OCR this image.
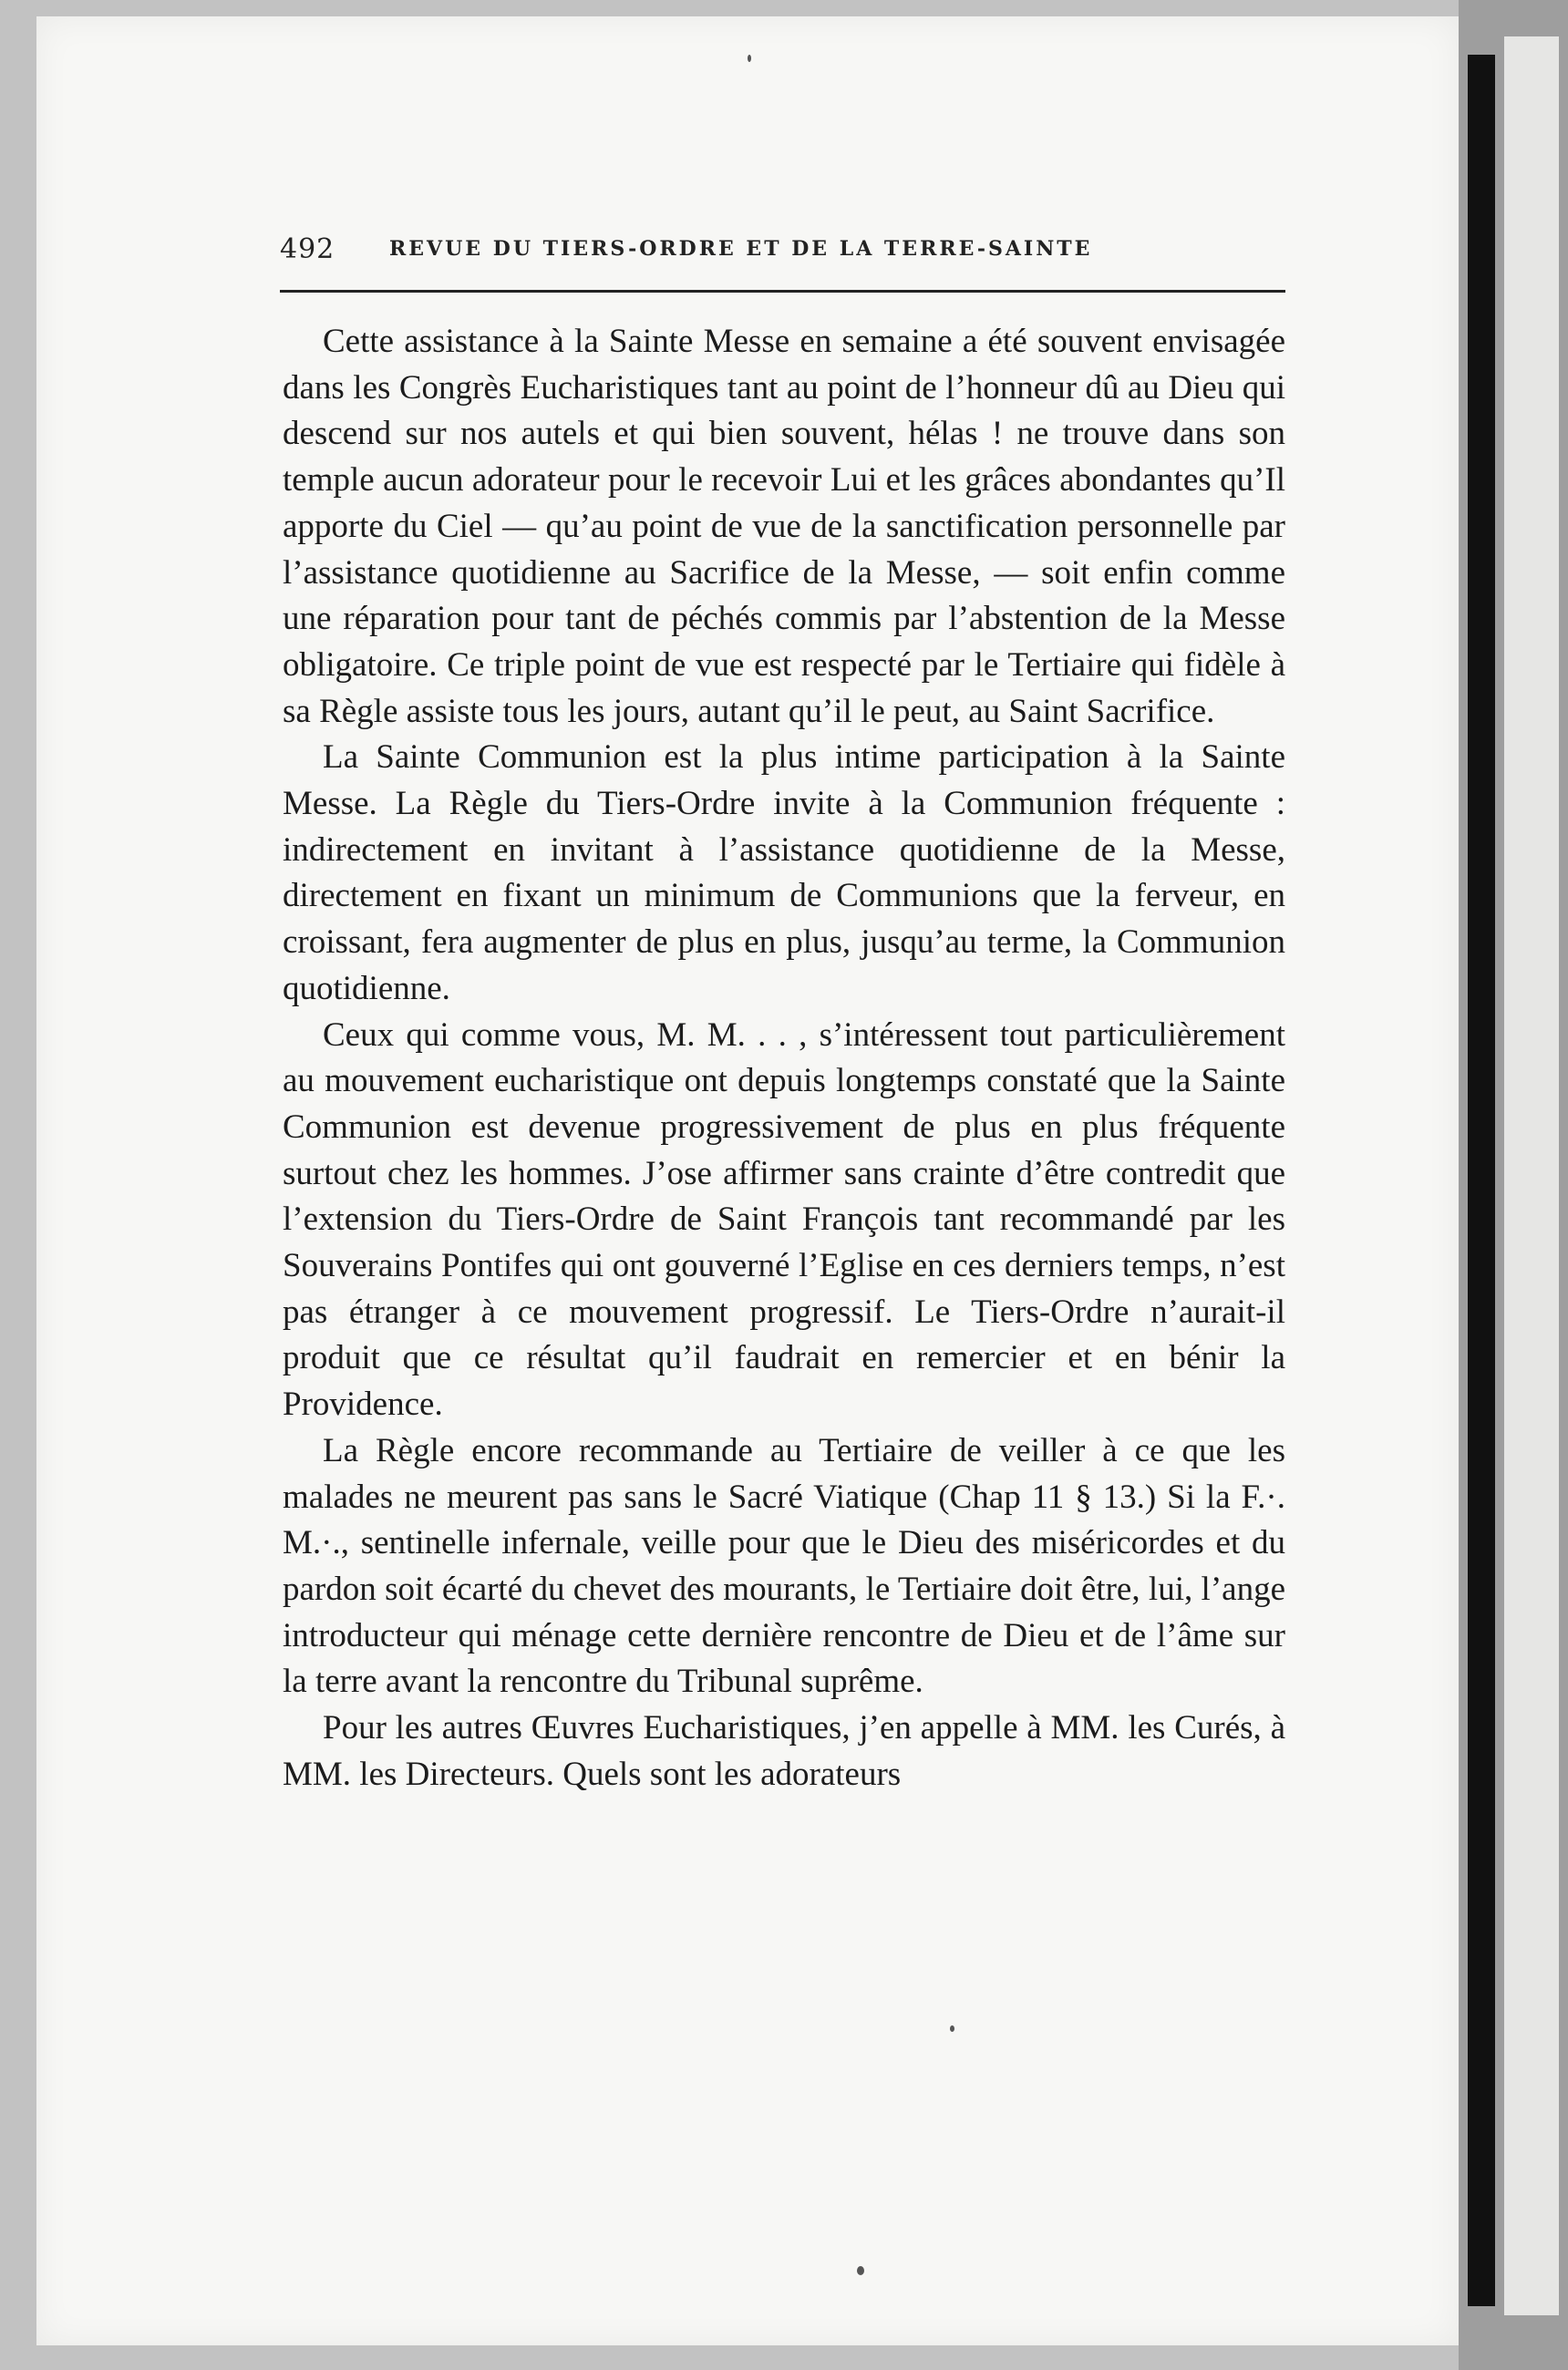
492	REVUE DU TIERS-ORDRE ET DE LA TERRE-SAINTE

Cette assistance à la Sainte Messe en semaine a été souvent envisagée dans les Congrès Eucharistiques tant au point de l’honneur dû au Dieu qui descend sur nos autels et qui bien souvent, hélas ! ne trouve dans son temple aucun adorateur pour le recevoir Lui et les grâces abondantes qu’Il apporte du Ciel — qu’au point de vue de la sanctification personnelle par l’assistance quotidienne au Sacrifice de la Messe, — soit enfin comme une réparation pour tant de péchés commis par l’abstention de la Messe obligatoire. Ce triple point de vue est respecté par le Tertiaire qui fidèle à sa Règle assiste tous les jours, autant qu’il le peut, au Saint Sacrifice.

La Sainte Communion est la plus intime participation à la Sainte Messe. La Règle du Tiers-Ordre invite à la Communion fréquente : indirectement en invitant à l’assistance quotidienne de la Messe, directement en fixant un minimum de Communions que la ferveur, en croissant, fera augmenter de plus en plus, jusqu’au terme, la Communion quotidienne.

Ceux qui comme vous, M. M. . . , s’intéressent tout particulièrement au mouvement eucharistique ont depuis longtemps constaté que la Sainte Communion est devenue progressivement de plus en plus fréquente surtout chez les hommes. J’ose affirmer sans crainte d’être contredit que l’extension du Tiers-Ordre de Saint François tant recommandé par les Souverains Pontifes qui ont gouverné l’Eglise en ces derniers temps, n’est pas étranger à ce mouvement progressif. Le Tiers-Ordre n’aurait-il produit que ce résultat qu’il faudrait en remercier et en bénir la Providence.

La Règle encore recommande au Tertiaire de veiller à ce que les malades ne meurent pas sans le Sacré Viatique (Chap 11 § 13.) Si la F.·. M.·., sentinelle infernale, veille pour que le Dieu des miséricordes et du pardon soit écarté du chevet des mourants, le Tertiaire doit être, lui, l’ange introducteur qui ménage cette dernière rencontre de Dieu et de l’âme sur la terre avant la rencontre du Tribunal suprême.

Pour les autres Œuvres Eucharistiques, j’en appelle à MM. les Curés, à MM. les Directeurs. Quels sont les adorateurs
